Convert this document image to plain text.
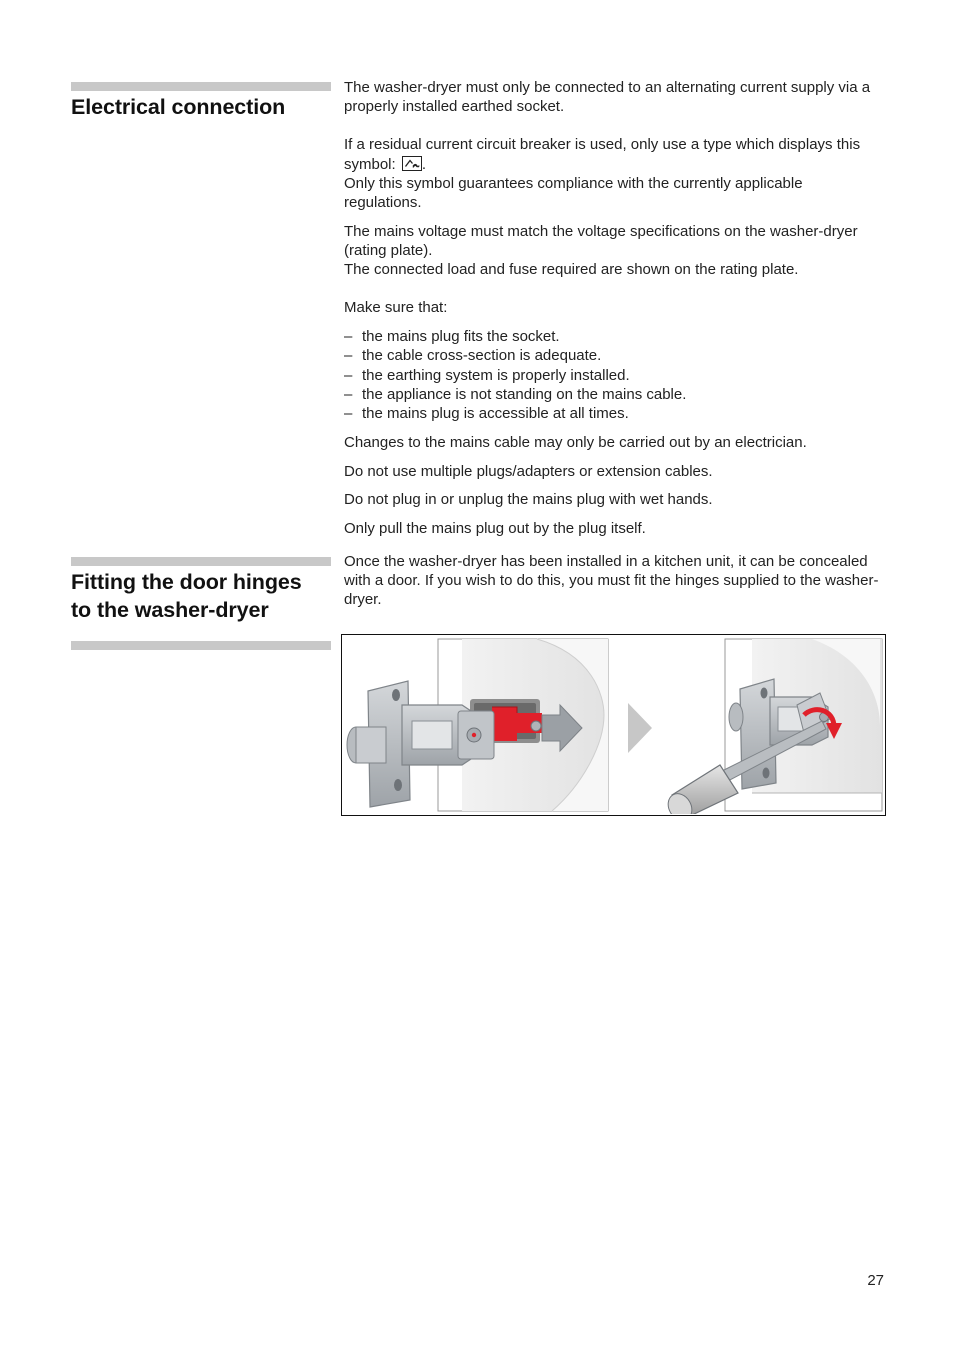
Electrical connection

The washer-dryer must only be connected to an alternating current supply via a properly installed earthed socket.

If a residual current circuit breaker is used, only use a type which displays this symbol: .

Only this symbol guarantees compliance with the currently applicable regulations.

The mains voltage must match the voltage specifications on the washer-dryer (rating plate).

The connected load and fuse required are shown on the rating plate.

Make sure that:

– the mains plug fits the socket.
– the cable cross-section is adequate.
– the earthing system is properly installed.
– the appliance is not standing on the mains cable.
– the mains plug is accessible at all times.

Changes to the mains cable may only be carried out by an electrician.

Do not use multiple plugs/adapters or extension cables.

Do not plug in or unplug the mains plug with wet hands.

Only pull the mains plug out by the plug itself.

Fitting the door hinges
to the washer-dryer

Once the washer-dryer has been installed in a kitchen unit, it can be concealed with a door. If you wish to do this, you must fit the hinges supplied to the washer-dryer.

27
